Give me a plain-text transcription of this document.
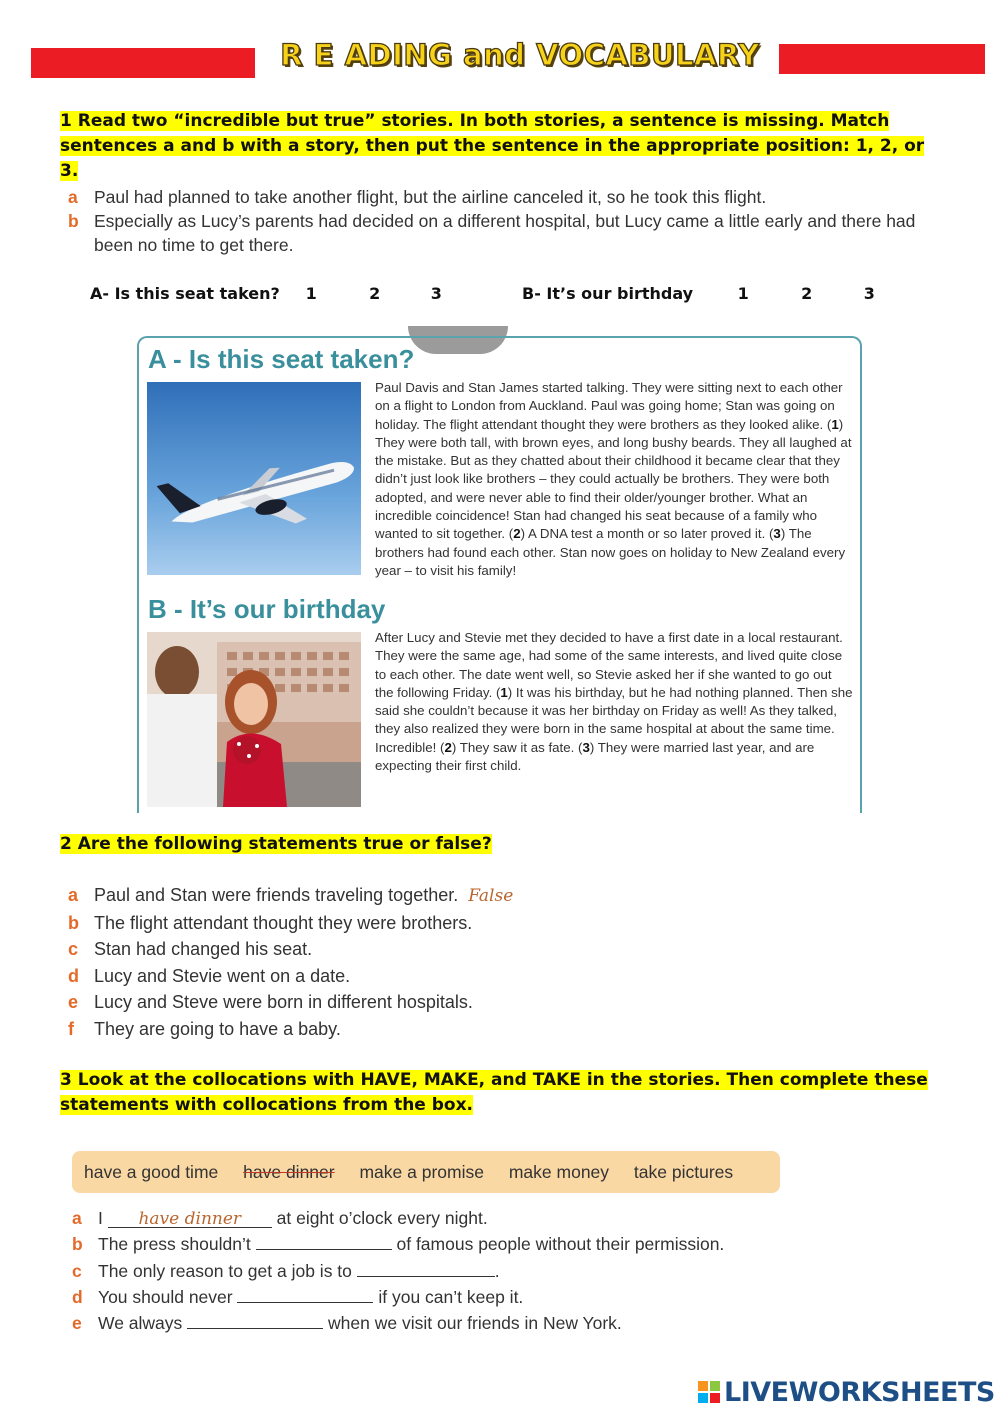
R E ADING and VOCABULARY
1 Read two “incredible but true” stories. In both stories, a sentence is missing. Match sentences a and b with a story, then put the sentence in the appropriate position: 1, 2, or 3.
a Paul had planned to take another flight, but the airline canceled it, so he took this flight.
b Especially as Lucy’s parents had decided on a different hospital, but Lucy came a little early and there had been no time to get there.
A- Is this seat taken? 1	2	3	B- It’s our birthday	1	2	3
A - Is this seat taken?
Paul Davis and Stan James started talking. They were sitting next to each other on a flight to London from Auckland. Paul was going home; Stan was going on holiday. The flight attendant thought they were brothers as they looked alike. (1) They were both tall, with brown eyes, and long bushy beards. They all laughed at the mistake. But as they chatted about their childhood it became clear that they didn’t just look like brothers – they could actually be brothers. They were both adopted, and were never able to find their older/younger brother. What an incredible coincidence! Stan had changed his seat because of a family who wanted to sit together. (2) A DNA test a month or so later proved it. (3) The brothers had found each other. Stan now goes on holiday to New Zealand every year – to visit his family!
B - It’s our birthday
After Lucy and Stevie met they decided to have a first date in a local restaurant. They were the same age, had some of the same interests, and lived quite close to each other. The date went well, so Stevie asked her if she wanted to go out the following Friday. (1) It was his birthday, but he had nothing planned. Then she said she couldn’t because it was her birthday on Friday as well! As they talked, they also realized they were born in the same hospital at about the same time. Incredible! (2) They saw it as fate. (3) They were married last year, and are expecting their first child.
2 Are the following statements true or false?
a Paul and Stan were friends traveling together. False
b The flight attendant thought they were brothers.
c Stan had changed his seat.
d Lucy and Stevie went on a date.
e Lucy and Steve were born in different hospitals.
f They are going to have a baby.
3 Look at the collocations with HAVE, MAKE, and TAKE in the stories. Then complete these statements with collocations from the box.
have a good time have dinner make a promise make money take pictures
a I have dinner at eight o’clock every night.
b The press shouldn’t	of famous people without their permission.
c The only reason to get a job is to	.
d You should never	if you can’t keep it.
e We always	when we visit our friends in New York.
LIVEWORKSHEETS
